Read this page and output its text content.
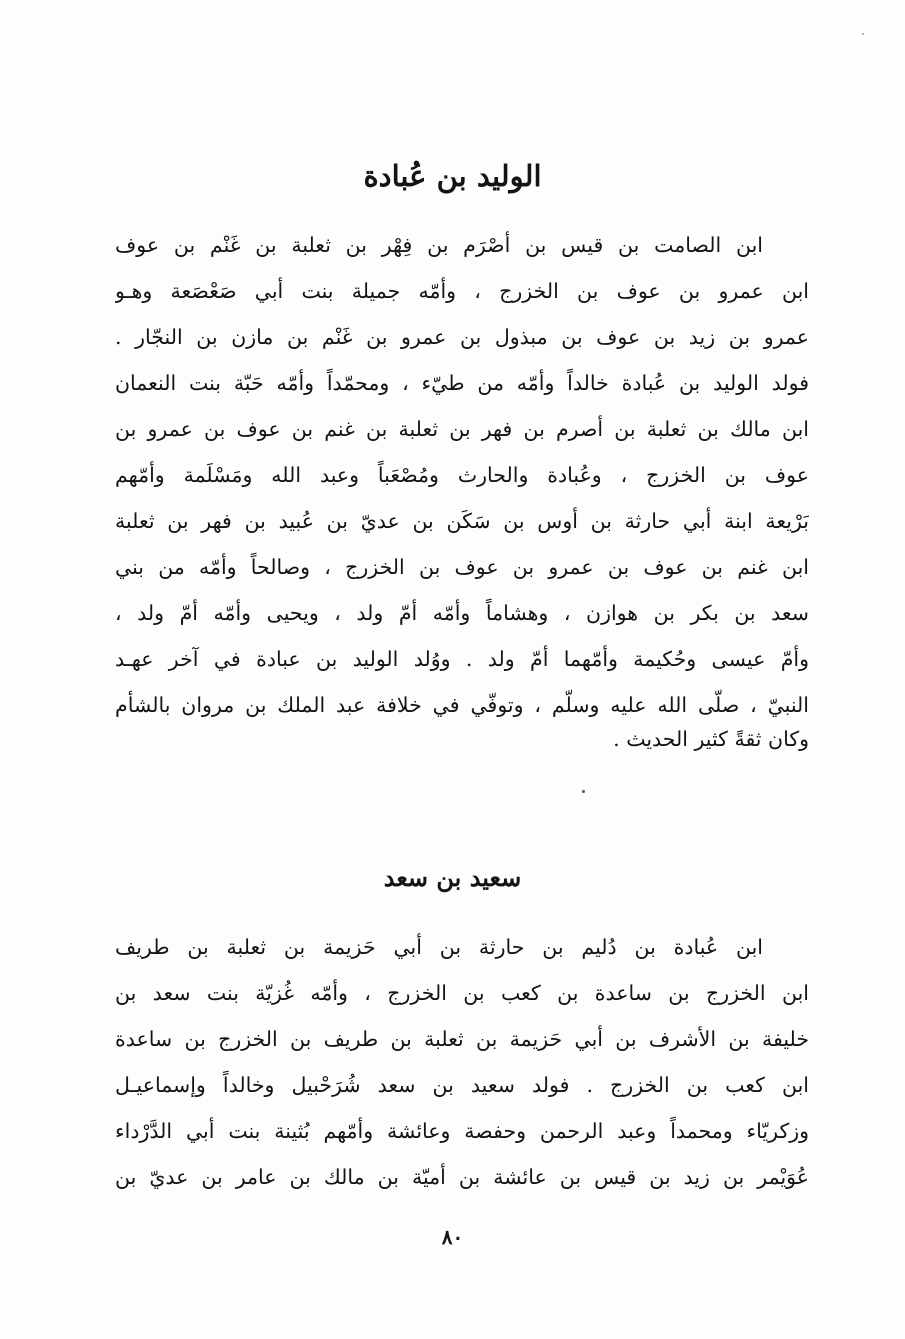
الوليد بن عُبادة
ابن الصامت بن قيس بن أصْرَم بن فِهْر بن ثعلبة بن غَنْم بن عوف
ابن عمرو بن عوف بن الخزرج ، وأمّه جميلة بنت أبي صَعْصَعة وهـو
عمرو بن زيد بن عوف بن مبذول بن عمرو بن غَنْم بن مازن بن النجّار .
فولد الوليد بن عُبادة خالداً وأمّه من طيّء ، ومحمّداً وأمّه حَبّة بنت النعمان
ابن مالك بن ثعلبة بن أصرم بن فهر بن ثعلبة بن غنم بن عوف بن عمرو بن
عوف بن الخزرج ، وعُبادة والحارث ومُصْعَباً وعبد الله ومَسْلَمة وأمّهم
بَرْيعة ابنة أبي حارثة بن أوس بن سَكَن بن عديّ بن عُبيد بن فهر بن ثعلبة
ابن غنم بن عوف بن عمرو بن عوف بن الخزرج ، وصالحاً وأمّه من بني
سعد بن بكر بن هوازن ، وهشاماً وأمّه أمّ ولد ، ويحيى وأمّه أمّ ولد ،
وأمّ عيسى وحُكيمة وأمّهما أمّ ولد . ووُلد الوليد بن عبادة في آخر عهـد
النبيّ ، صلّى الله عليه وسلّم ، وتوفّي في خلافة عبد الملك بن مروان بالشأم
وكان ثقةً كثير الحديث .
سعيد بن سعد
ابن عُبادة بن دُليم بن حارثة بن أبي حَزيمة بن ثعلبة بن طريف
ابن الخزرج بن ساعدة بن كعب بن الخزرج ، وأمّه غُزيّة بنت سعد بن
خليفة بن الأشرف بن أبي حَزيمة بن ثعلبة بن طريف بن الخزرج بن ساعدة
ابن كعب بن الخزرج . فولد سعيد بن سعد شُرَحْبيل وخالداً وإسماعيـل
وزكريّاء ومحمداً وعبد الرحمن وحفصة وعائشة وأمّهم بُثينة بنت أبي الدَّرْداء
عُوَيْمر بن زيد بن قيس بن عائشة بن أميّة بن مالك بن عامر بن عديّ بن
٨٠
